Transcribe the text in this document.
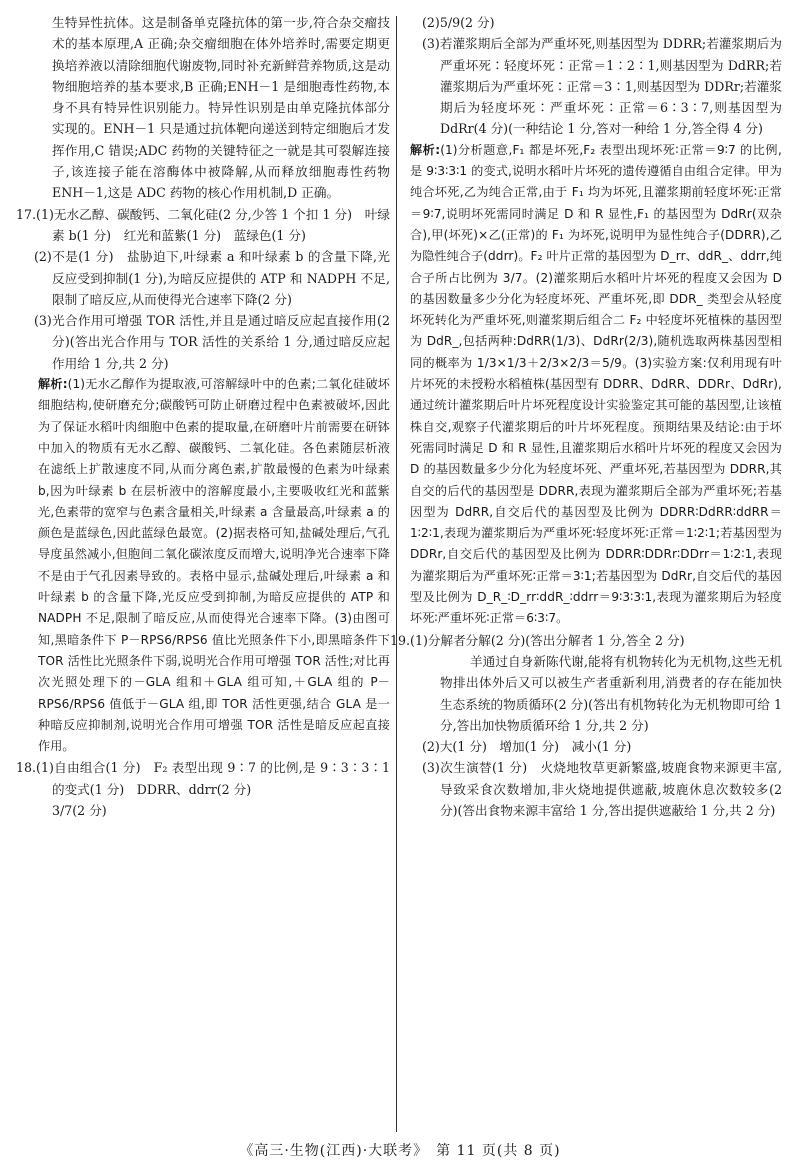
生特异性抗体。这是制备单克隆抗体的第一步,符合杂交瘤技术的基本原理,A 正确;杂交瘤细胞在体外培养时,需要定期更换培养液以清除细胞代谢废物,同时补充新鲜营养物质,这是动物细胞培养的基本要求,B 正确;ENH－1 是细胞毒性药物,本身不具有特异性识别能力。特异性识别是由单克隆抗体部分实现的。ENH－1 只是通过抗体靶向递送到特定细胞后才发挥作用,C 错误;ADC 药物的关键特征之一就是其可裂解连接子,该连接子能在溶酶体中被降解,从而释放细胞毒性药物 ENH－1,这是 ADC 药物的核心作用机制,D 正确。

17.(1)无水乙醇、碳酸钙、二氧化硅(2 分,少答 1 个扣 1 分)　叶绿素 b(1 分)　红光和蓝紫(1 分)　蓝绿色(1 分)

(2)不是(1 分)　盐胁迫下,叶绿素 a 和叶绿素 b 的含量下降,光反应受到抑制(1 分),为暗反应提供的 ATP 和 NADPH 不足,限制了暗反应,从而使得光合速率下降(2 分)

(3)光合作用可增强 TOR 活性,并且是通过暗反应起直接作用(2 分)(答出光合作用与 TOR 活性的关系给 1 分,通过暗反应起作用给 1 分,共 2 分)

解析:(1)无水乙醇作为提取液,可溶解绿叶中的色素;二氧化硅破坏细胞结构,使研磨充分;碳酸钙可防止研磨过程中色素被破坏,因此为了保证水稻叶肉细胞中色素的提取量,在研磨叶片前需要在研钵中加入的物质有无水乙醇、碳酸钙、二氧化硅。各色素随层析液在滤纸上扩散速度不同,从而分离色素,扩散最慢的色素为叶绿素 b,因为叶绿素 b 在层析液中的溶解度最小,主要吸收红光和蓝紫光,色素带的宽窄与色素含量相关,叶绿素 a 含量最高,叶绿素 a 的颜色是蓝绿色,因此蓝绿色最宽。(2)据表格可知,盐碱处理后,气孔导度虽然减小,但胞间二氧化碳浓度反而增大,说明净光合速率下降不是由于气孔因素导致的。表格中显示,盐碱处理后,叶绿素 a 和叶绿素 b 的含量下降,光反应受到抑制,为暗反应提供的 ATP 和 NADPH 不足,限制了暗反应,从而使得光合速率下降。(3)由图可知,黑暗条件下 P－RPS6/RPS6 值比光照条件下小,即黑暗条件下 TOR 活性比光照条件下弱,说明光合作用可增强 TOR 活性;对比再次光照处理下的－GLA 组和＋GLA 组可知,＋GLA 组的 P－RPS6/RPS6 值低于－GLA 组,即 TOR 活性更强,结合 GLA 是一种暗反应抑制剂,说明光合作用可增强 TOR 活性是暗反应起直接作用。

18.(1)自由组合(1 分)　F₂ 表型出现 9∶7 的比例,是 9∶3∶3∶1 的变式(1 分)　DDRR、ddrr(2 分)

3/7(2 分)

(2)5/9(2 分)

(3)若灌浆期后全部为严重坏死,则基因型为 DDRR;若灌浆期后为严重坏死∶轻度坏死∶正常＝1∶2∶1,则基因型为 DdRR;若灌浆期后为严重坏死∶正常＝3∶1,则基因型为 DDRr;若灌浆期后为轻度坏死∶严重坏死∶正常＝6∶3∶7,则基因型为 DdRr(4 分)(一种结论 1 分,答对一种给 1 分,答全得 4 分)

解析:(1)分析题意,F₁ 都是坏死,F₂ 表型出现坏死∶正常＝9∶7 的比例,是 9∶3∶3∶1 的变式,说明水稻叶片坏死的遗传遵循自由组合定律。甲为纯合坏死,乙为纯合正常,由于 F₁ 均为坏死,且灌浆期前轻度坏死∶正常＝9∶7,说明坏死需同时满足 D 和 R 显性,F₁ 的基因型为 DdRr(双杂合),甲(坏死)×乙(正常)的 F₁ 为坏死,说明甲为显性纯合子(DDRR),乙为隐性纯合子(ddrr)。F₂ 叶片正常的基因型为 D_rr、ddR_、ddrr,纯合子所占比例为 3/7。(2)灌浆期后水稻叶片坏死的程度又会因为 D 的基因数量多少分化为轻度坏死、严重坏死,即 DDR_ 类型会从轻度坏死转化为严重坏死,则灌浆期后组合二 F₂ 中轻度坏死植株的基因型为 DdR_,包括两种:DdRR(1/3)、DdRr(2/3),随机选取两株基因型相同的概率为 1/3×1/3＋2/3×2/3＝5/9。(3)实验方案:仅利用现有叶片坏死的未授粉水稻植株(基因型有 DDRR、DdRR、DDRr、DdRr),通过统计灌浆期后叶片坏死程度设计实验鉴定其可能的基因型,让该植株自交,观察子代灌浆期后的叶片坏死程度。预期结果及结论:由于坏死需同时满足 D 和 R 显性,且灌浆期后水稻叶片坏死的程度又会因为 D 的基因数量多少分化为轻度坏死、严重坏死,若基因型为 DDRR,其自交的后代的基因型是 DDRR,表现为灌浆期后全部为严重坏死;若基因型为 DdRR,自交后代的基因型及比例为 DDRR∶DdRR∶ddRR＝1∶2∶1,表现为灌浆期后为严重坏死∶轻度坏死∶正常＝1∶2∶1;若基因型为 DDRr,自交后代的基因型及比例为 DDRR∶DDRr∶DDrr＝1∶2∶1,表现为灌浆期后为严重坏死∶正常＝3∶1;若基因型为 DdRr,自交后代的基因型及比例为 D_R_∶D_rr∶ddR_∶ddrr＝9∶3∶3∶1,表现为灌浆期后为轻度坏死∶严重坏死∶正常＝6∶3∶7。

19.(1)分解者分解(2 分)(答出分解者 1 分,答全 2 分)

羊通过自身新陈代谢,能将有机物转化为无机物,这些无机物排出体外后又可以被生产者重新利用,消费者的存在能加快生态系统的物质循环(2 分)(答出有机物转化为无机物即可给 1 分,答出加快物质循环给 1 分,共 2 分)

(2)大(1 分)　增加(1 分)　减小(1 分)

(3)次生演替(1 分)　火烧地牧草更新繁盛,坡鹿食物来源更丰富,导致采食次数增加,非火烧地提供遮蔽,坡鹿休息次数较多(2 分)(答出食物来源丰富给 1 分,答出提供遮蔽给 1 分,共 2 分)

《高三·生物(江西)·大联考》　第 11 页(共 8 页)
